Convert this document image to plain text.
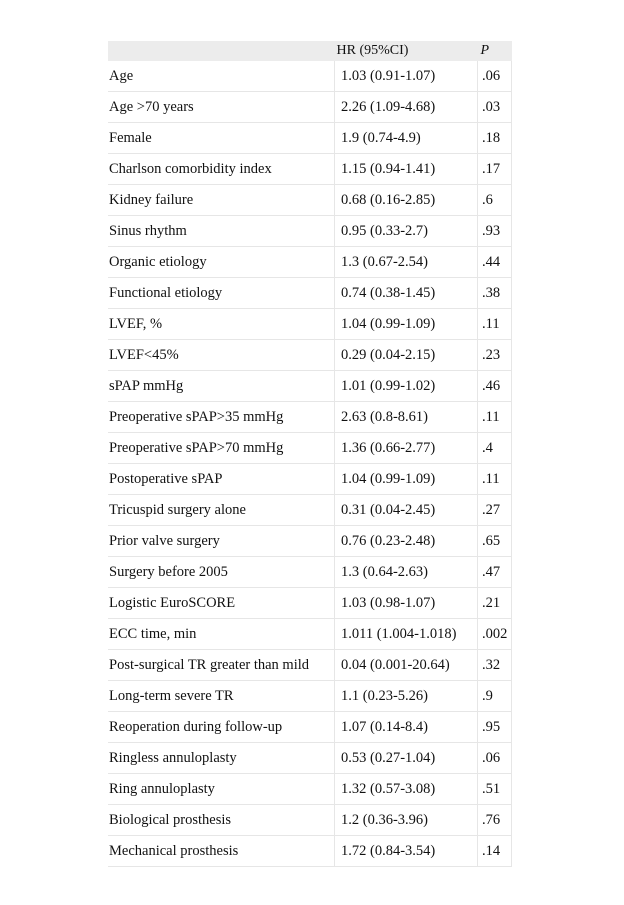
	HR (95%CI)	P
Age	1.03 (0.91-1.07)	.06
Age >70 years	2.26 (1.09-4.68)	.03
Female	1.9 (0.74-4.9)	.18
Charlson comorbidity index	1.15 (0.94-1.41)	.17
Kidney failure	0.68 (0.16-2.85)	.6
Sinus rhythm	0.95 (0.33-2.7)	.93
Organic etiology	1.3 (0.67-2.54)	.44
Functional etiology	0.74 (0.38-1.45)	.38
LVEF, %	1.04 (0.99-1.09)	.11
LVEF<45%	0.29 (0.04-2.15)	.23
sPAP mmHg	1.01 (0.99-1.02)	.46
Preoperative sPAP>35 mmHg	2.63 (0.8-8.61)	.11
Preoperative sPAP>70 mmHg	1.36 (0.66-2.77)	.4
Postoperative sPAP	1.04 (0.99-1.09)	.11
Tricuspid surgery alone	0.31 (0.04-2.45)	.27
Prior valve surgery	0.76 (0.23-2.48)	.65
Surgery before 2005	1.3 (0.64-2.63)	.47
Logistic EuroSCORE	1.03 (0.98-1.07)	.21
ECC time, min	1.011 (1.004-1.018)	.002
Post-surgical TR greater than mild	0.04 (0.001-20.64)	.32
Long-term severe TR	1.1 (0.23-5.26)	.9
Reoperation during follow-up	1.07 (0.14-8.4)	.95
Ringless annuloplasty	0.53 (0.27-1.04)	.06
Ring annuloplasty	1.32 (0.57-3.08)	.51
Biological prosthesis	1.2 (0.36-3.96)	.76
Mechanical prosthesis	1.72 (0.84-3.54)	.14
